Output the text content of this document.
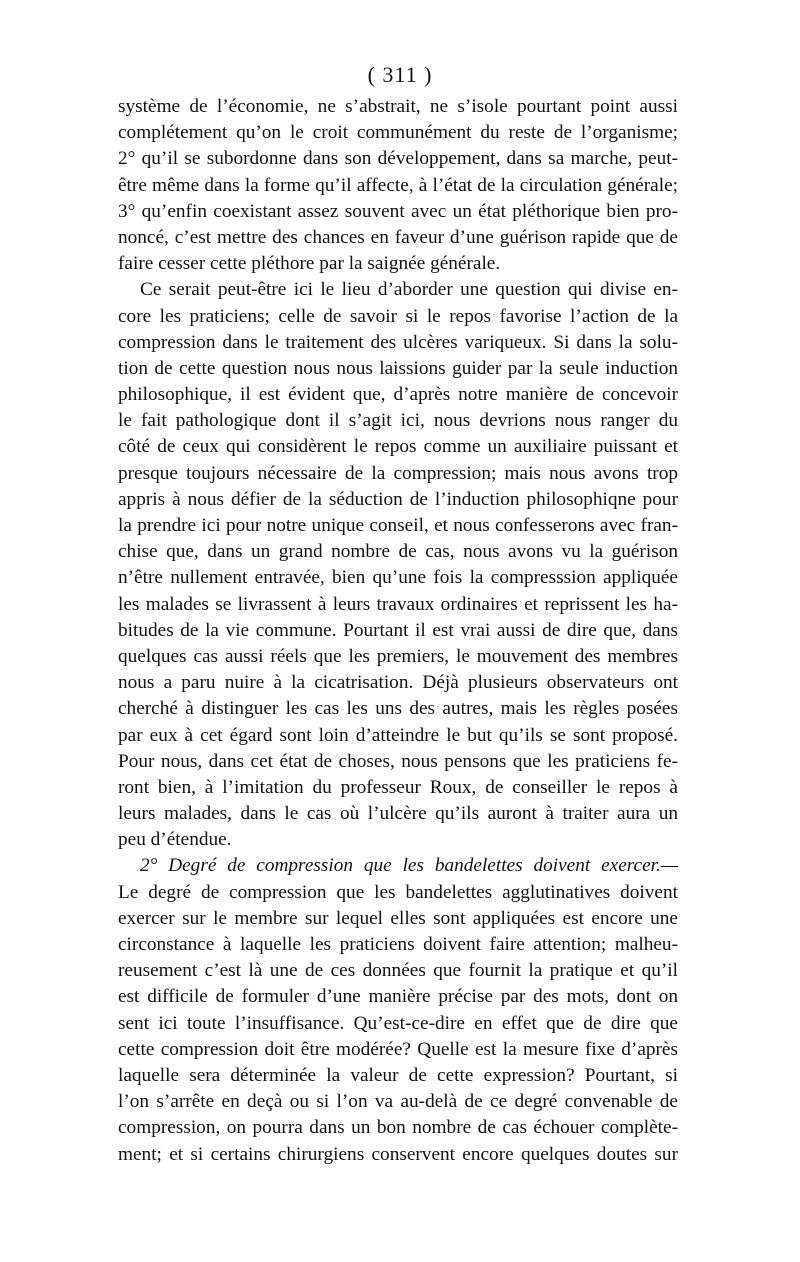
( 311 )
système de l’économie, ne s’abstrait, ne s’isole pourtant point aussi
complétement qu’on le croit communément du reste de l’organisme;
2° qu’il se subordonne dans son développement, dans sa marche, peut-
être même dans la forme qu’il affecte, à l’état de la circulation générale;
3° qu’enfin coexistant assez souvent avec un état pléthorique bien pro-
noncé, c’est mettre des chances en faveur d’une guérison rapide que de
faire cesser cette pléthore par la saignée générale.
Ce serait peut-être ici le lieu d’aborder une question qui divise en-
core les praticiens; celle de savoir si le repos favorise l’action de la
compression dans le traitement des ulcères variqueux. Si dans la solu-
tion de cette question nous nous laissions guider par la seule induction
philosophique, il est évident que, d’après notre manière de concevoir
le fait pathologique dont il s’agit ici, nous devrions nous ranger du
côté de ceux qui considèrent le repos comme un auxiliaire puissant et
presque toujours nécessaire de la compression; mais nous avons trop
appris à nous défier de la séduction de l’induction philosophiqne pour
la prendre ici pour notre unique conseil, et nous confesserons avec fran-
chise que, dans un grand nombre de cas, nous avons vu la guérison
n’être nullement entravée, bien qu’une fois la compresssion appliquée
les malades se livrassent à leurs travaux ordinaires et reprissent les ha-
bitudes de la vie commune. Pourtant il est vrai aussi de dire que, dans
quelques cas aussi réels que les premiers, le mouvement des membres
nous a paru nuire à la cicatrisation. Déjà plusieurs observateurs ont
cherché à distinguer les cas les uns des autres, mais les règles posées
par eux à cet égard sont loin d’atteindre le but qu’ils se sont proposé.
Pour nous, dans cet état de choses, nous pensons que les praticiens fe-
ront bien, à l’imitation du professeur Roux, de conseiller le repos à
leurs malades, dans le cas où l’ulcère qu’ils auront à traiter aura un
peu d’étendue.
2° Degré de compression que les bandelettes doivent exercer.—
Le degré de compression que les bandelettes agglutinatives doivent
exercer sur le membre sur lequel elles sont appliquées est encore une
circonstance à laquelle les praticiens doivent faire attention; malheu-
reusement c’est là une de ces données que fournit la pratique et qu’il
est difficile de formuler d’une manière précise par des mots, dont on
sent ici toute l’insuffisance. Qu’est-ce-dire en effet que de dire que
cette compression doit être modérée? Quelle est la mesure fixe d’après
laquelle sera déterminée la valeur de cette expression? Pourtant, si
l’on s’arrête en deçà ou si l’on va au-delà de ce degré convenable de
compression, on pourra dans un bon nombre de cas échouer complète-
ment; et si certains chirurgiens conservent encore quelques doutes sur
